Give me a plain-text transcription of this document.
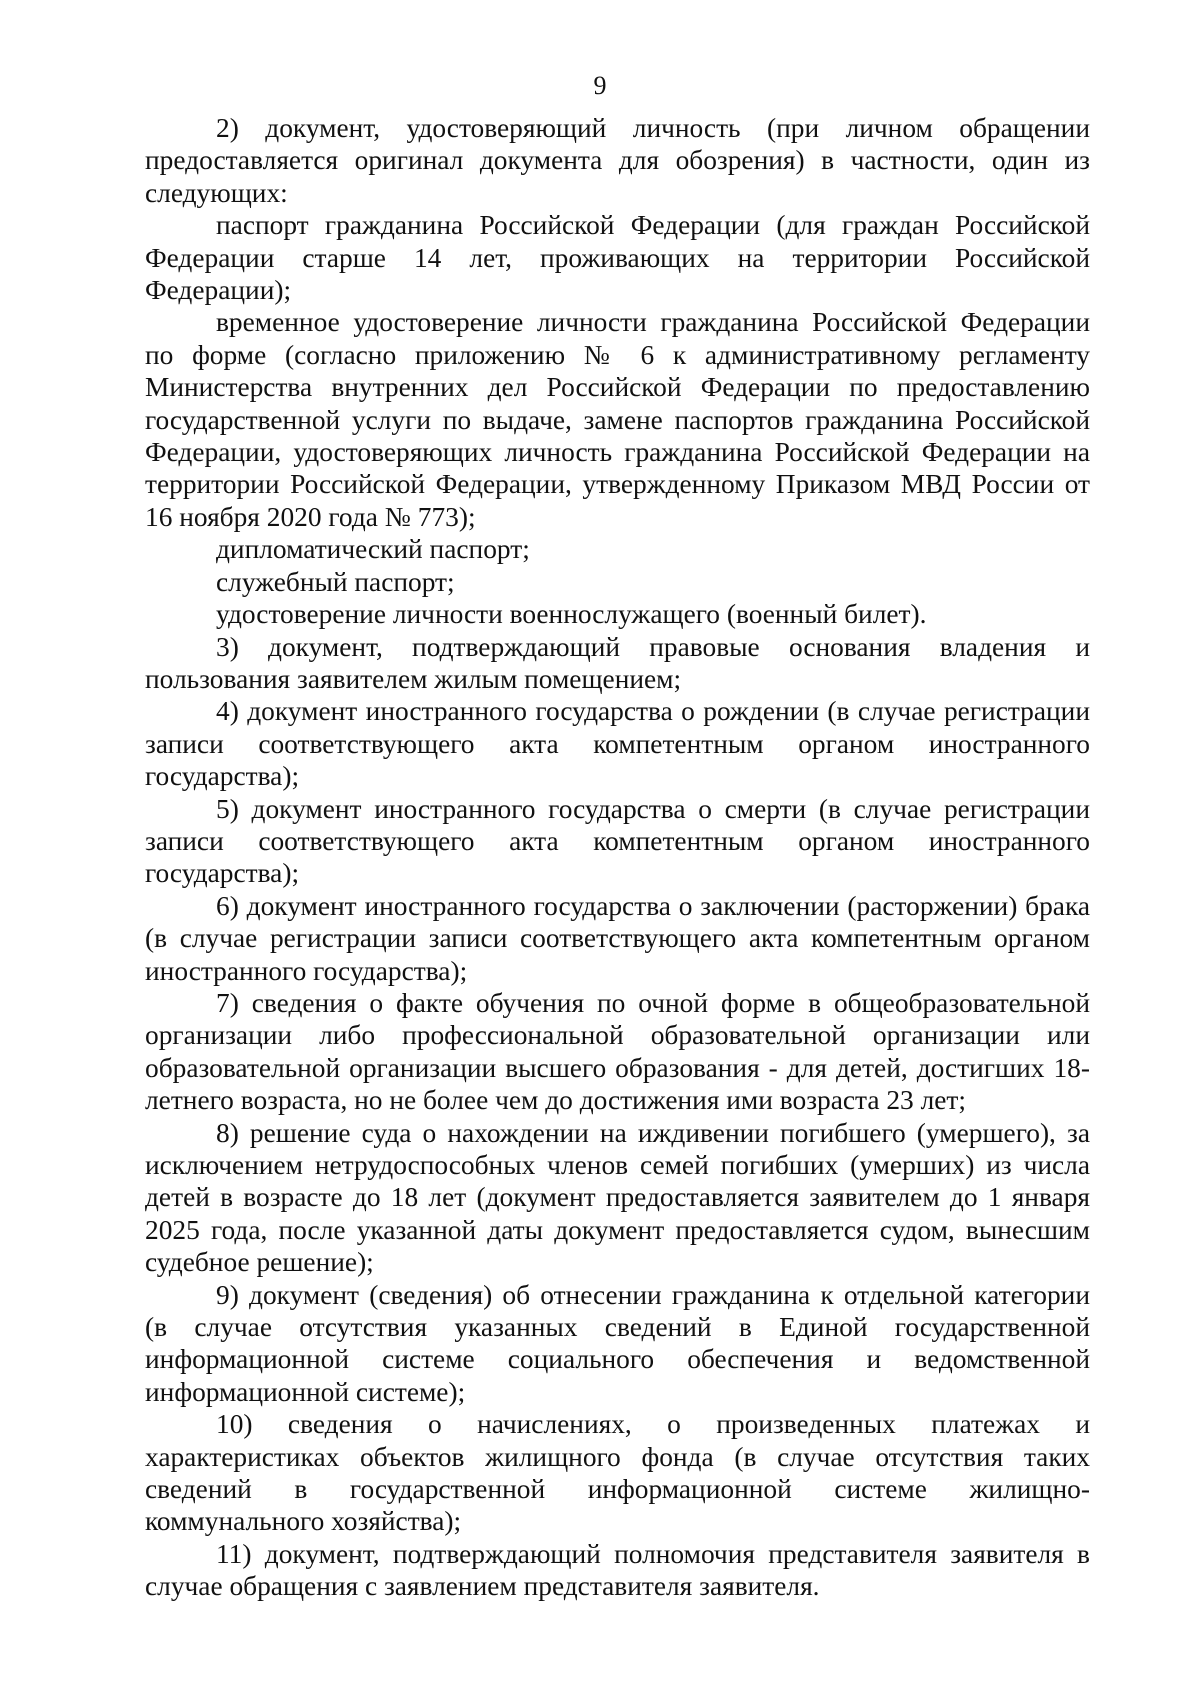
9

2) документ, удостоверяющий личность (при личном обращении предоставляется оригинал документа для обозрения) в частности, один из следующих:

паспорт гражданина Российской Федерации (для граждан Российской Федерации старше 14 лет, проживающих на территории Российской Федерации);

временное удостоверение личности гражданина Российской Федерации по форме (согласно приложению № 6 к административному регламенту Министерства внутренних дел Российской Федерации по предоставлению государственной услуги по выдаче, замене паспортов гражданина Российской Федерации, удостоверяющих личность гражданина Российской Федерации на территории Российской Федерации, утвержденному Приказом МВД России от 16 ноября 2020 года № 773);

дипломатический паспорт;

служебный паспорт;

удостоверение личности военнослужащего (военный билет).

3) документ, подтверждающий правовые основания владения и пользования заявителем жилым помещением;

4) документ иностранного государства о рождении (в случае регистрации записи соответствующего акта компетентным органом иностранного государства);

5) документ иностранного государства о смерти (в случае регистрации записи соответствующего акта компетентным органом иностранного государства);

6) документ иностранного государства о заключении (расторжении) брака (в случае регистрации записи соответствующего акта компетентным органом иностранного государства);

7) сведения о факте обучения по очной форме в общеобразовательной организации либо профессиональной образовательной организации или образовательной организации высшего образования - для детей, достигших 18-летнего возраста, но не более чем до достижения ими возраста 23 лет;

8) решение суда о нахождении на иждивении погибшего (умершего), за исключением нетрудоспособных членов семей погибших (умерших) из числа детей в возрасте до 18 лет (документ предоставляется заявителем до 1 января 2025 года, после указанной даты документ предоставляется судом, вынесшим судебное решение);

9) документ (сведения) об отнесении гражданина к отдельной категории (в случае отсутствия указанных сведений в Единой государственной информационной системе социального обеспечения и ведомственной информационной системе);

10) сведения о начислениях, о произведенных платежах и характеристиках объектов жилищного фонда (в случае отсутствия таких сведений в государственной информационной системе жилищно-коммунального хозяйства);

11) документ, подтверждающий полномочия представителя заявителя в случае обращения с заявлением представителя заявителя.
